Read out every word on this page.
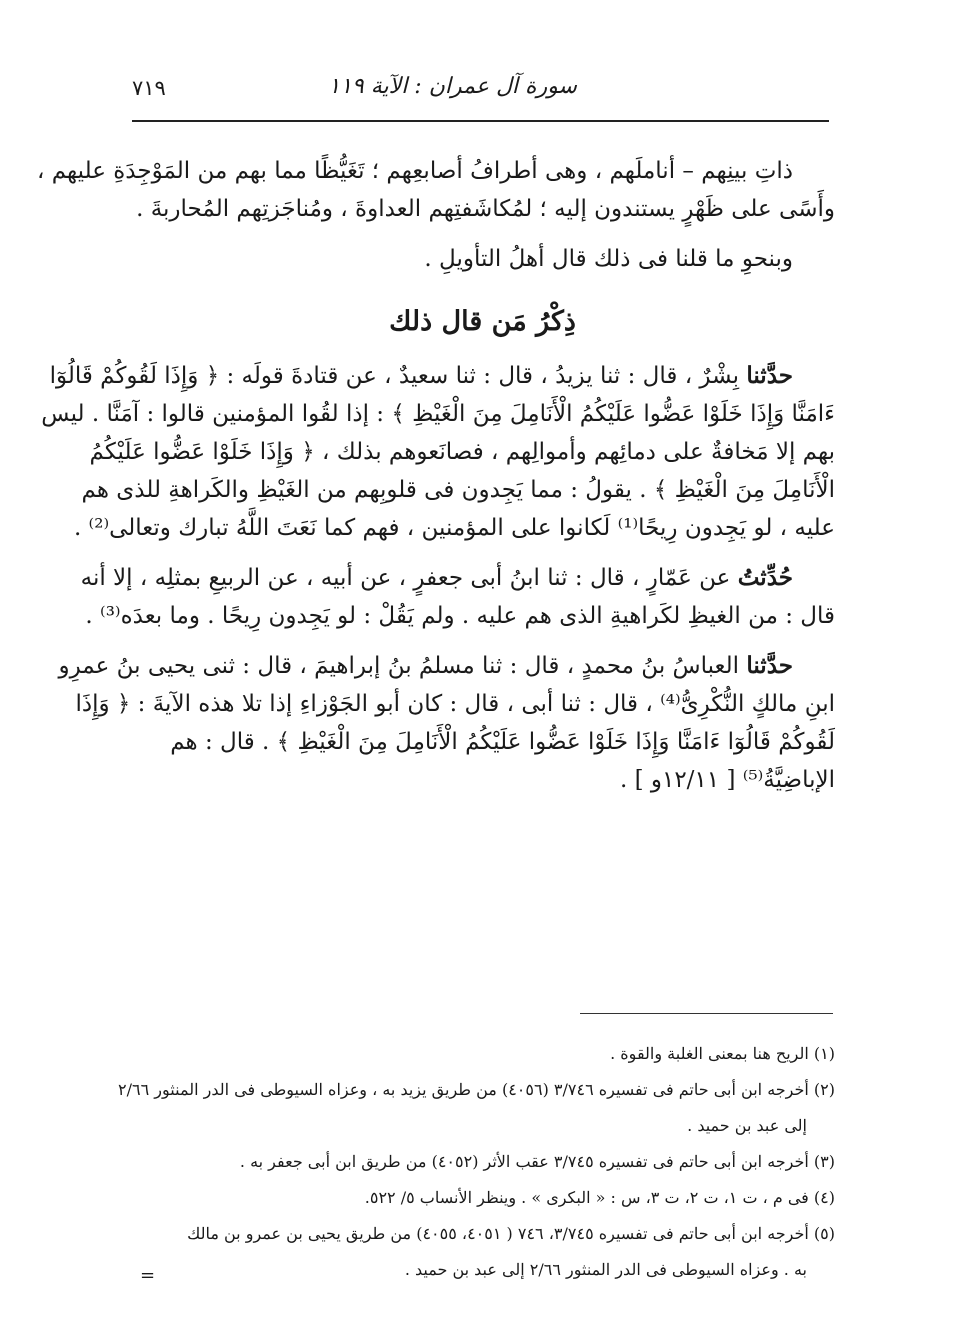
سورة آل عمران : الآية ١١٩
٧١٩
ذاتِ بينِهم – أناملَهم ، وهى أطرافُ أصابعِهم ؛ تَغَيُّظًا مما بهم من المَوْجِدَةِ عليهم ،
وأَسًى على ظَهْرٍ يستندون إليه ؛ لمُكاشَفتِهم العداوةَ ، ومُناجَزتِهم المُحاربةَ .
وبنحوِ ما قلنا فى ذلك قال أهلُ التأويلِ .
ذِكْرُ مَن قال ذلك
حدَّثنا بِشْرٌ ، قال : ثنا يزيدُ ، قال : ثنا سعيدٌ ، عن قتادةَ قولَه : ﴿ وَإِذَا لَقُوكُمْ قَالُوٓا
ءَامَنَّا وَإِذَا خَلَوْا عَضُّوا عَلَيْكُمُ الْأَنَامِلَ مِنَ الْغَيْظِ ﴾ : إذا لقُوا المؤمنين قالوا : آمَنَّا . ليس
بهم إلا مَخافةٌ على دمائِهم وأموالِهم ، فصانَعوهم بذلك ، ﴿ وَإِذَا خَلَوْا عَضُّوا عَلَيْكُمُ
الْأَنَامِلَ مِنَ الْغَيْظِ ﴾ . يقولُ : مما يَجِدون فى قلوبِهم من الغَيْظِ والكَراهةِ للذى هم
عليه ، لو يَجِدون رِيحًا⁽¹⁾ لَكانوا على المؤمنين ، فهم كما نَعَتَ اللَّهُ تبارك وتعالى⁽²⁾ .
حُدِّثتُ عن عَمّارٍ ، قال : ثنا ابنُ أبى جعفرٍ ، عن أبيه ، عن الربيعِ بمثلِه ، إلا أنه
قال : من الغيظِ لكَراهيةِ الذى هم عليه . ولم يَقُلْ : لو يَجِدون رِيحًا . وما بعدَه⁽³⁾ .
حدَّثنا العباسُ بنُ محمدٍ ، قال : ثنا مسلمُ بنُ إبراهيمَ ، قال : ثنى يحيى بنُ عمرِو
ابنِ مالكٍ النُّكْرِىُّ⁽⁴⁾ ، قال : ثنا أبى ، قال : كان أبو الجَوْزاءِ إذا تلا هذه الآيةَ : ﴿ وَإِذَا
لَقُوكُمْ قَالُوٓا ءَامَنَّا وَإِذَا خَلَوْا عَضُّوا عَلَيْكُمُ الْأَنَامِلَ مِنَ الْغَيْظِ ﴾ . قال : هم
الإباضِيَّةُ⁽⁵⁾ [ ١٢/١١و ] .
(١) الريح هنا بمعنى الغلبة والقوة .
(٢) أخرجه ابن أبى حاتم فى تفسيره ٣/٧٤٦ (٤٠٥٦) من طريق يزيد به ، وعزاه السيوطى فى الدر المنثور ٢/٦٦
إلى عبد بن حميد .
(٣) أخرجه ابن أبى حاتم فى تفسيره ٣/٧٤٥ عقب الأثر (٤٠٥٢) من طريق ابن أبى جعفر به .
(٤) فى م ، ت ١، ت ٢، ت ٣، س : « البكرى » . وينظر الأنساب ٥/ ٥٢٢.
(٥) أخرجه ابن أبى حاتم فى تفسيره ٣/٧٤٥، ٧٤٦ ( ٤٠٥١، ٤٠٥٥) من طريق يحيى بن عمرو بن مالك
به . وعزاه السيوطى فى الدر المنثور ٢/٦٦ إلى عبد بن حميد .
=
